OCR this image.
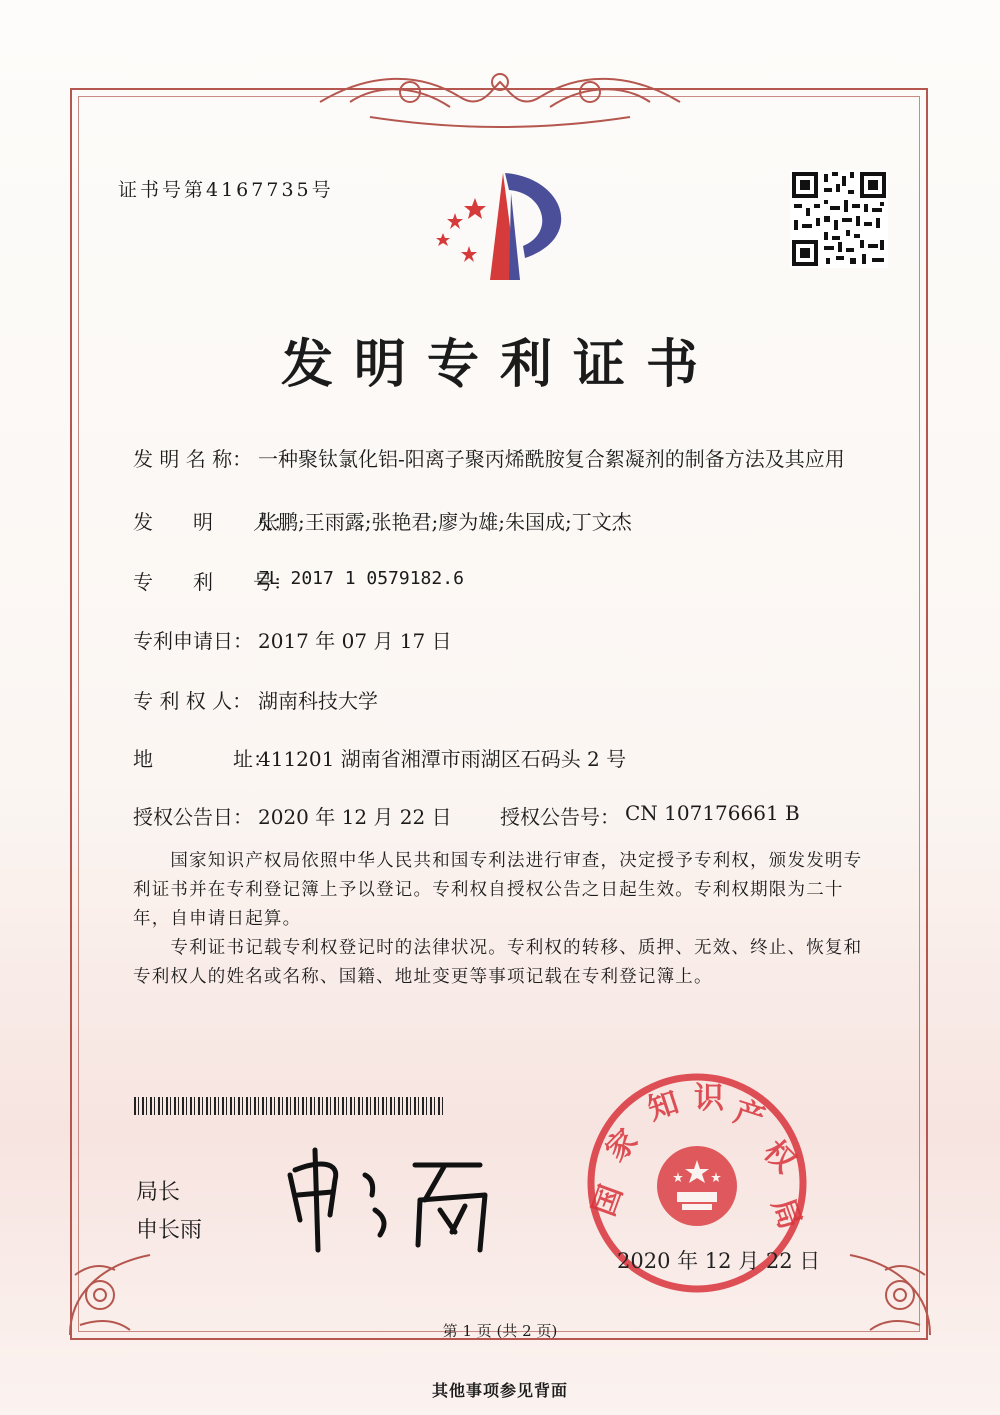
证书号第4167735号
发明专利证书
发 明 名 称： 一种聚钛氯化铝-阳离子聚丙烯酰胺复合絮凝剂的制备方法及其应用
发　　明　　人：
张鹏;王雨露;张艳君;廖为雄;朱国成;丁文杰
专　　利　　号：
ZL 2017 1 0579182.6
专利申请日： 2017 年 07 月 17 日
专 利 权 人： 湖南科技大学
地　　　　址：
411201 湖南省湘潭市雨湖区石码头 2 号
授权公告日： 2020 年 12 月 22 日 授权公告号： CN 107176661 B
　　国家知识产权局依照中华人民共和国专利法进行审查，决定授予专利权，颁发发明专利证书并在专利登记簿上予以登记。专利权自授权公告之日起生效。专利权期限为二十年，自申请日起算。
　　专利证书记载专利权登记时的法律状况。专利权的转移、质押、无效、终止、恢复和专利权人的姓名或名称、国籍、地址变更等事项记载在专利登记簿上。
局长
申长雨
国
家
知 识 产
权
局
2020 年 12 月 22 日
第 1 页 (共 2 页)
其他事项参见背面
